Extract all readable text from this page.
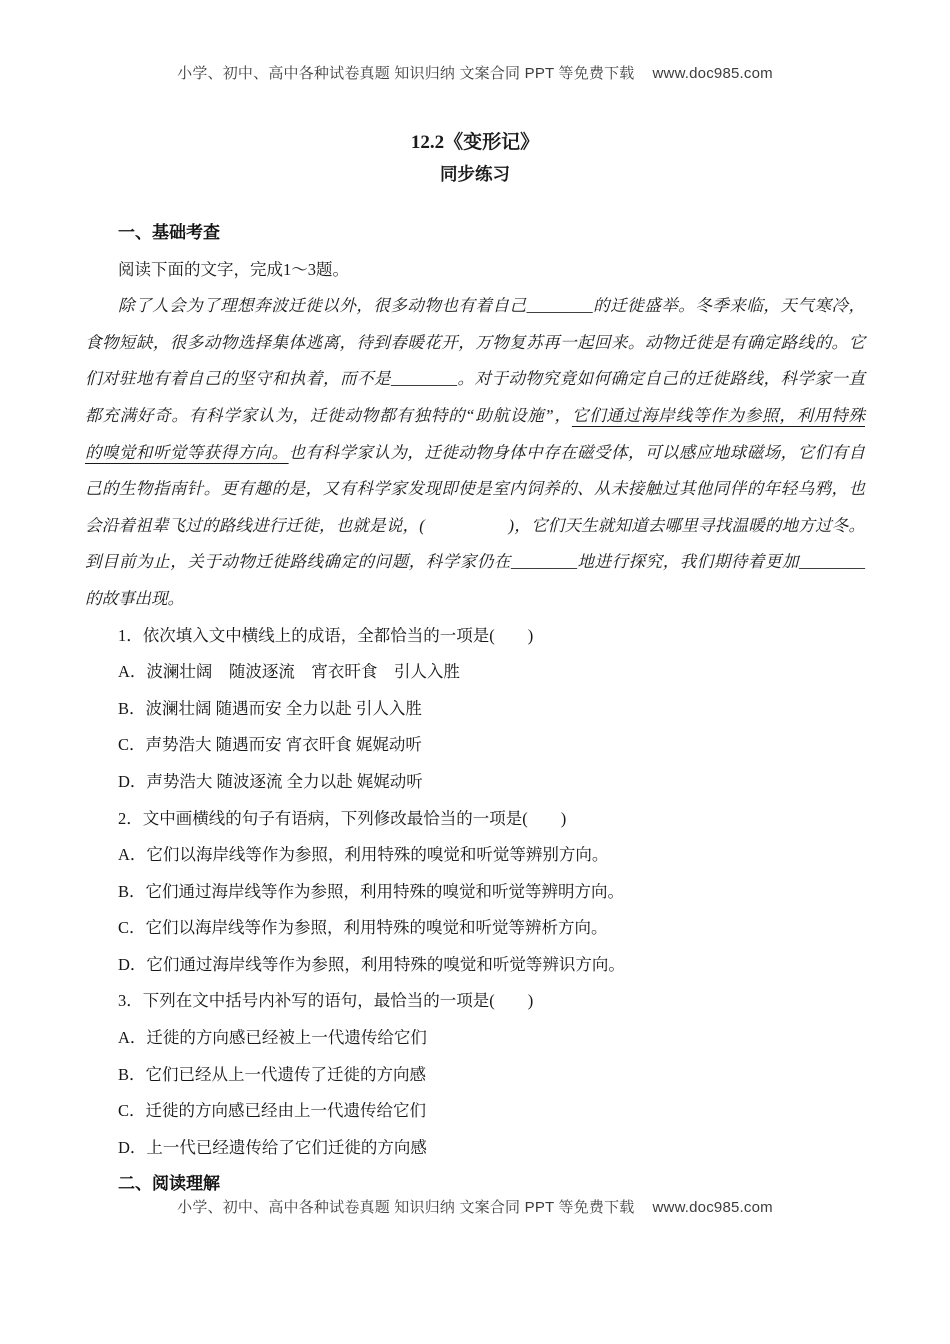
小学、初中、高中各种试卷真题 知识归纳 文案合同 PPT 等免费下载 www.doc985.com
12.2《变形记》
同步练习
一、基础考查
阅读下面的文字，完成1～3题。
除了人会为了理想奔波迁徙以外，很多动物也有着自己________的迁徙盛举。冬季来临，天气寒冷，
食物短缺，很多动物选择集体逃离，待到春暖花开，万物复苏再一起回来。动物迁徙是有确定路线的。它
们对驻地有着自己的坚守和执着，而不是________。对于动物究竟如何确定自己的迁徙路线，科学家一直
都充满好奇。有科学家认为，迁徙动物都有独特的“助航设施”，它们通过海岸线等作为参照，利用特殊
的嗅觉和听觉等获得方向。也有科学家认为，迁徙动物身体中存在磁受体，可以感应地球磁场，它们有自
己的生物指南针。更有趣的是，又有科学家发现即使是室内饲养的、从未接触过其他同伴的年轻乌鸦，也
会沿着祖辈飞过的路线进行迁徙，也就是说，(　　　　　)，它们天生就知道去哪里寻找温暖的地方过冬。
到目前为止，关于动物迁徙路线确定的问题，科学家仍在________地进行探究，我们期待着更加________
的故事出现。
1．依次填入文中横线上的成语，全都恰当的一项是(　　)
A．波澜壮阔　随波逐流　宵衣旰食　引人入胜
B．波澜壮阔 随遇而安 全力以赴 引人入胜
C．声势浩大 随遇而安 宵衣旰食 娓娓动听
D．声势浩大 随波逐流 全力以赴 娓娓动听
2．文中画横线的句子有语病，下列修改最恰当的一项是(　　)
A．它们以海岸线等作为参照，利用特殊的嗅觉和听觉等辨别方向。
B．它们通过海岸线等作为参照，利用特殊的嗅觉和听觉等辨明方向。
C．它们以海岸线等作为参照，利用特殊的嗅觉和听觉等辨析方向。
D．它们通过海岸线等作为参照，利用特殊的嗅觉和听觉等辨识方向。
3．下列在文中括号内补写的语句，最恰当的一项是(　　)
A．迁徙的方向感已经被上一代遗传给它们
B．它们已经从上一代遗传了迁徙的方向感
C．迁徙的方向感已经由上一代遗传给它们
D．上一代已经遗传给了它们迁徙的方向感
二、阅读理解
小学、初中、高中各种试卷真题 知识归纳 文案合同 PPT 等免费下载 www.doc985.com
